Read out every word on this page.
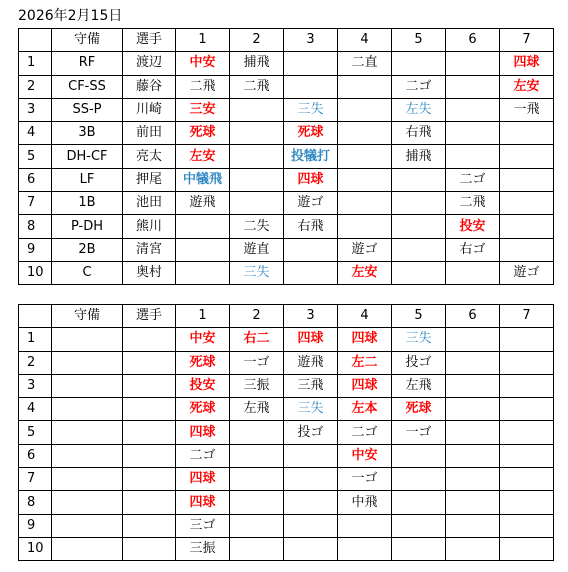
2026年2月15日
	守備	選手	1	2	3	4	5	6	7
1	RF	渡辺	中安	捕飛		二直			四球
2	CF-SS	藤谷	二飛	二飛			二ゴ		左安
3	SS-P	川崎	三安		三失		左失		一飛
4	3B	前田	死球		死球		右飛		
5	DH-CF	亮太	左安		投犠打		捕飛		
6	LF	押尾	中犠飛		四球			二ゴ	
7	1B	池田	遊飛		遊ゴ			二飛	
8	P-DH	熊川		二失	右飛			投安	
9	2B	清宮		遊直		遊ゴ		右ゴ	
10	C	奥村		三失		左安			遊ゴ
	守備	選手	1	2	3	4	5	6	7
1			中安	右二	四球	四球	三失		
2			死球	一ゴ	遊飛	左二	投ゴ		
3			投安	三振	三飛	四球	左飛		
4			死球	左飛	三失	左本	死球		
5			四球		投ゴ	二ゴ	一ゴ		
6			二ゴ			中安			
7			四球			一ゴ			
8			四球			中飛			
9			三ゴ						
10			三振						
